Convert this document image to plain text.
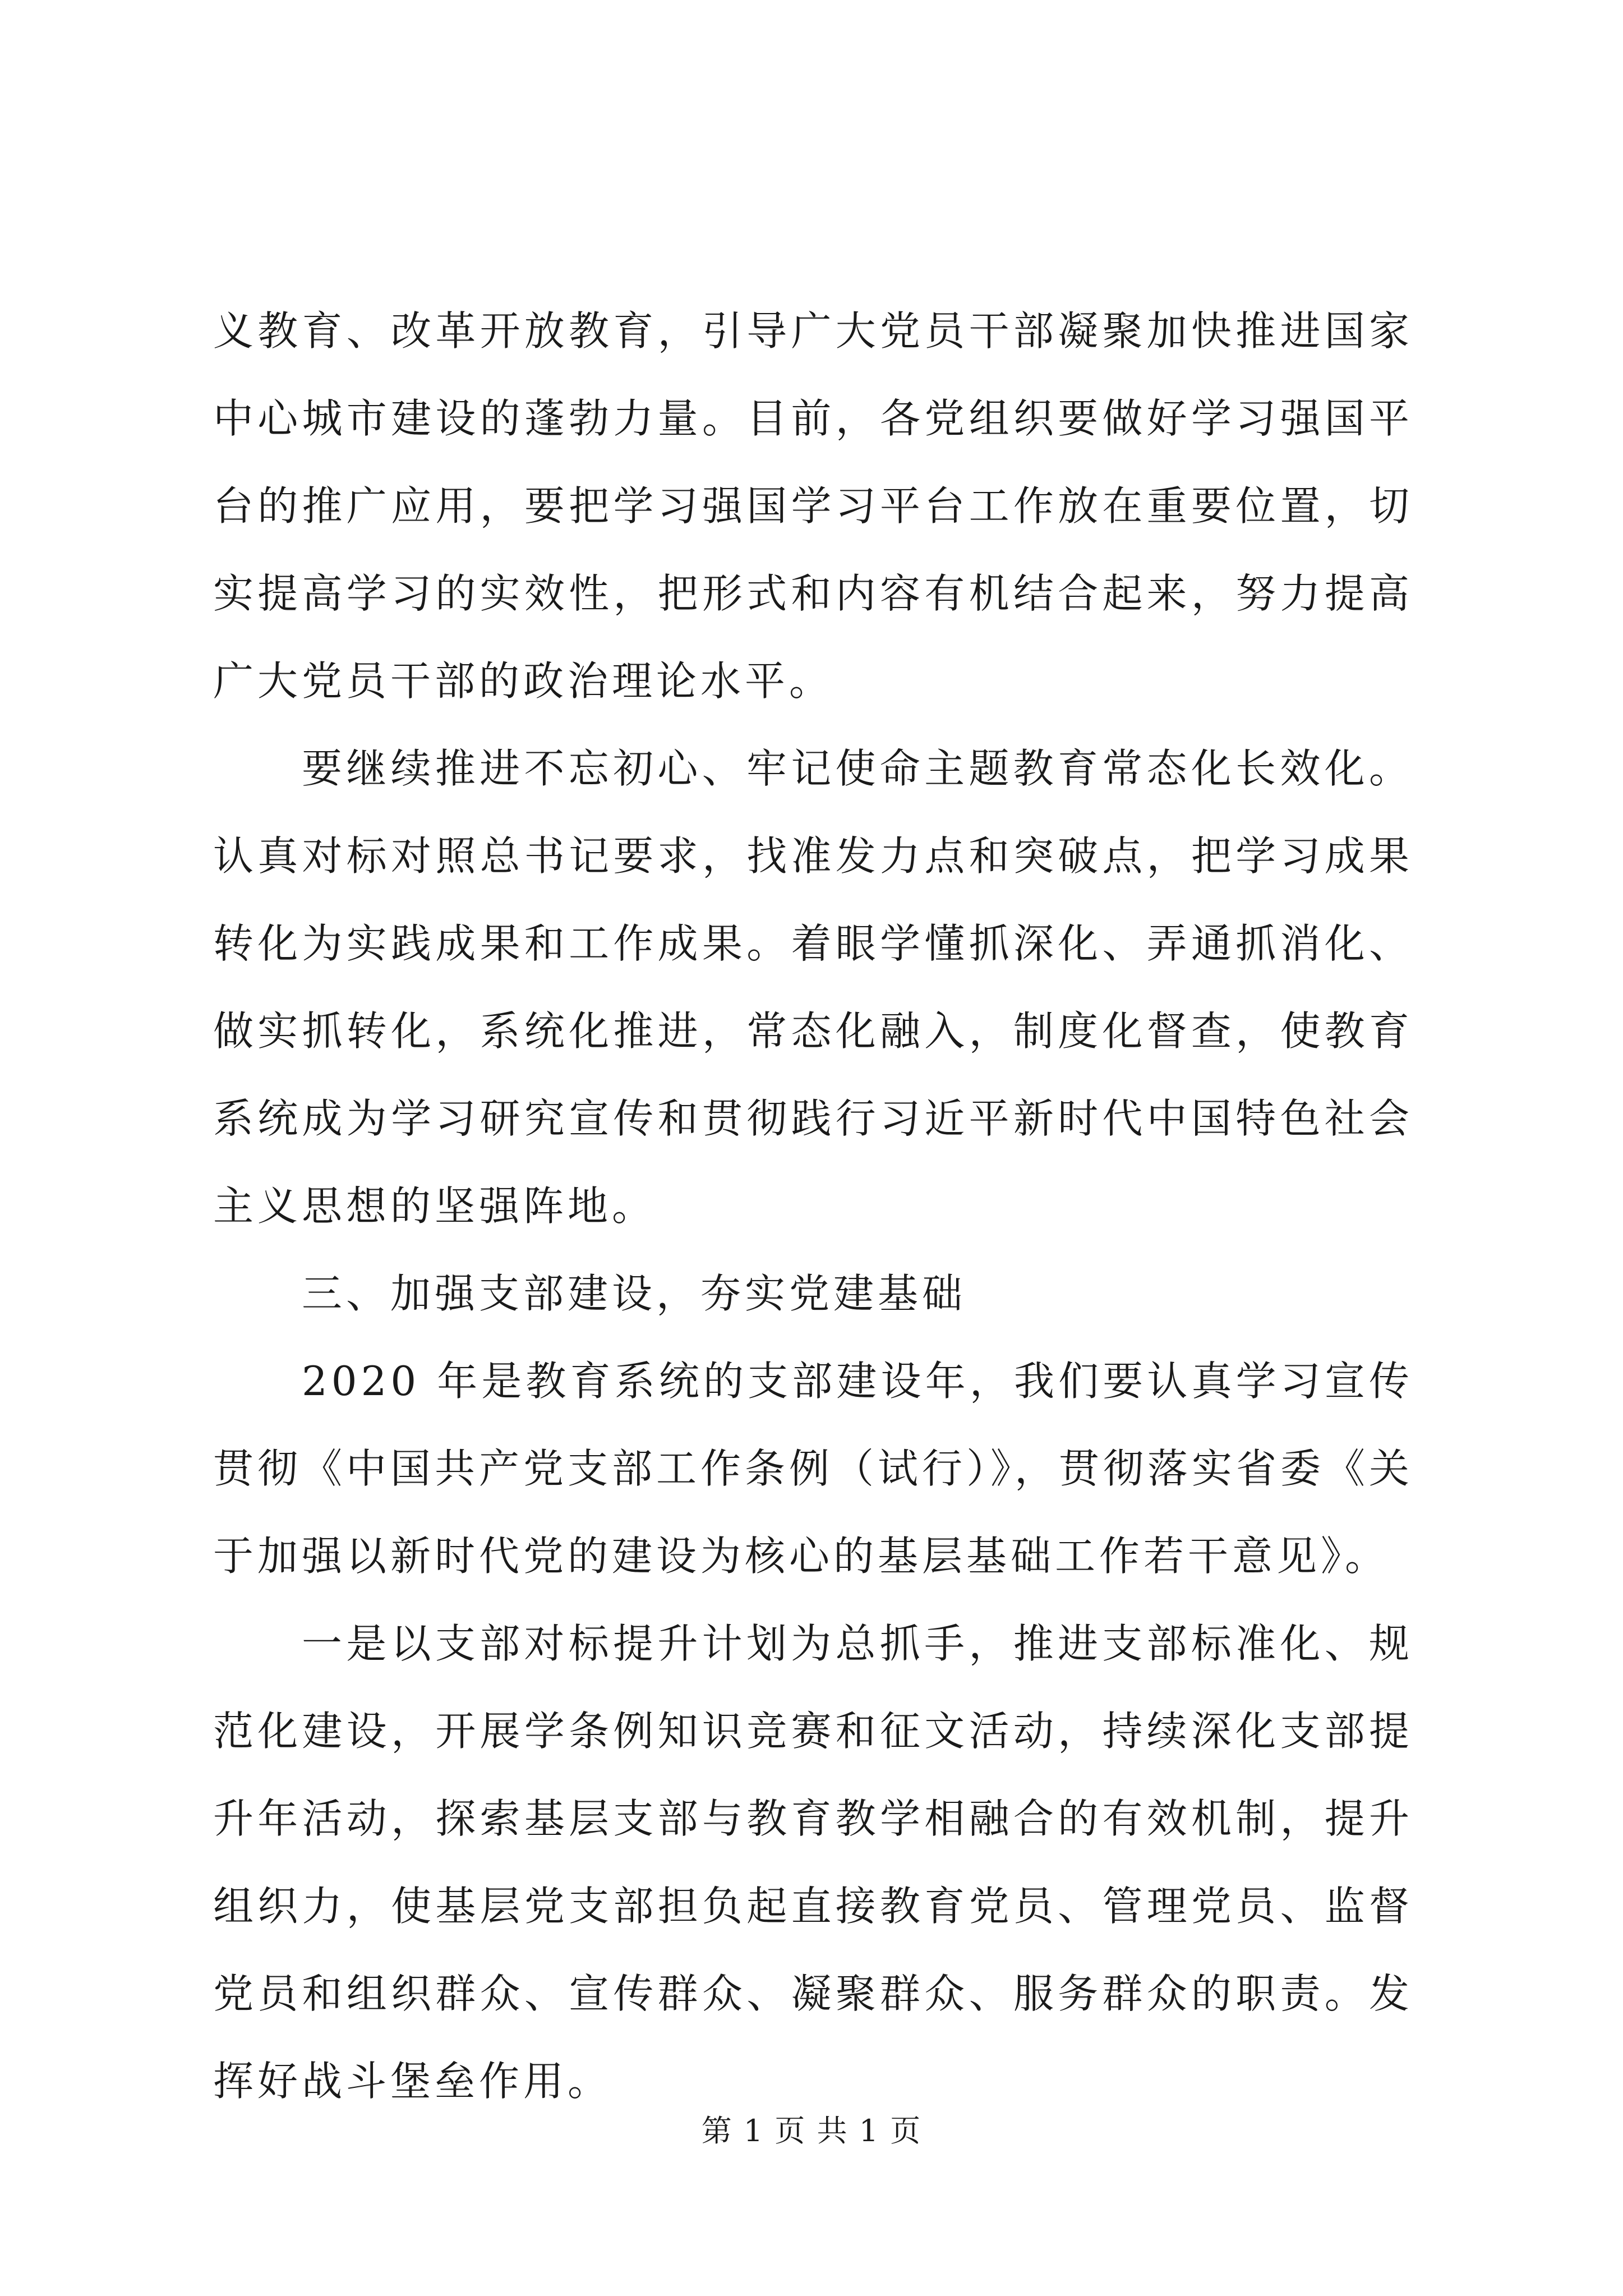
义教育、改革开放教育，引导广大党员干部凝聚加快推进国家中心城市建设的蓬勃力量。目前，各党组织要做好学习强国平台的推广应用，要把学习强国学习平台工作放在重要位置，切实提高学习的实效性，把形式和内容有机结合起来，努力提高广大党员干部的政治理论水平。

要继续推进不忘初心、牢记使命主题教育常态化长效化。认真对标对照总书记要求，找准发力点和突破点，把学习成果转化为实践成果和工作成果。着眼学懂抓深化、弄通抓消化、做实抓转化，系统化推进，常态化融入，制度化督查，使教育系统成为学习研究宣传和贯彻践行习近平新时代中国特色社会主义思想的坚强阵地。

三、加强支部建设，夯实党建基础

2020 年是教育系统的支部建设年，我们要认真学习宣传贯彻《中国共产党支部工作条例（试行）》，贯彻落实省委《关于加强以新时代党的建设为核心的基层基础工作若干意见》。

一是以支部对标提升计划为总抓手，推进支部标准化、规范化建设，开展学条例知识竞赛和征文活动，持续深化支部提升年活动，探索基层支部与教育教学相融合的有效机制，提升组织力，使基层党支部担负起直接教育党员、管理党员、监督党员和组织群众、宣传群众、凝聚群众、服务群众的职责。发挥好战斗堡垒作用。

第 1 页 共 1 页
